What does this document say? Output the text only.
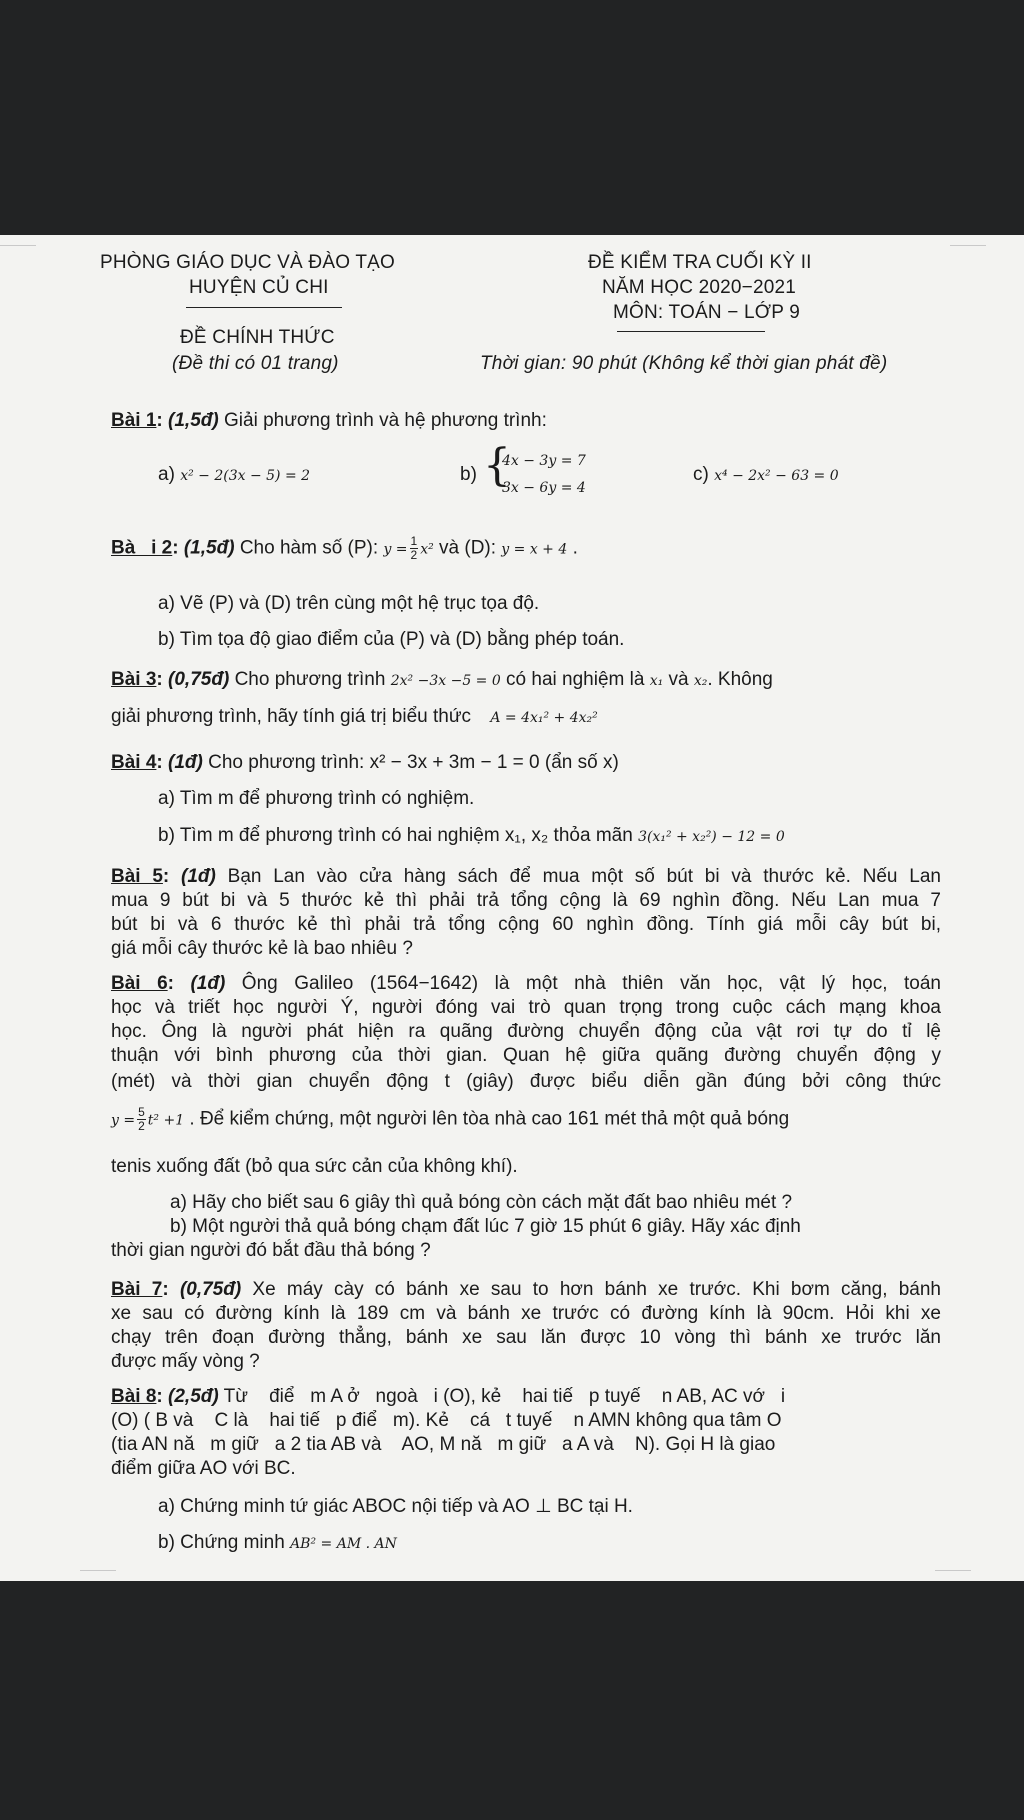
PHÒNG GIÁO DỤC VÀ ĐÀO TẠO
HUYỆN CỦ CHI
ĐỀ CHÍNH THỨC
(Đề thi có 01 trang)
ĐỀ KIỂM TRA CUỐI KỲ II
NĂM HỌC 2020−2021
MÔN: TOÁN − LỚP 9
Thời gian: 90 phút (Không kể thời gian phát đề)
Bài 1: (1,5đ) Giải phương trình và hệ phương trình:
a) x² − 2(3x − 5) = 2	b) {
4x − 3y = 7
3x − 6y = 4
c) x⁴ − 2x² − 63 = 0
Bà   i 2: (1,5đ) Cho hàm số (P): $y = \frac{1}{2} x^2$ và (D): y = x + 4 .
a) Vẽ (P) và (D) trên cùng một hệ trục tọa độ.
b) Tìm tọa độ giao điểm của (P) và (D) bằng phép toán.
Bài 3: (0,75đ) Cho phương trình 2x² −3x −5 = 0 có hai nghiệm là x₁ và x₂. Không
giải phương trình, hãy tính giá trị biểu thức A = 4x₁² + 4x₂²
Bài 4: (1đ) Cho phương trình: x² − 3x + 3m − 1 = 0 (ẩn số x)
a) Tìm m để phương trình có nghiệm.
b) Tìm m để phương trình có hai nghiệm x₁, x₂ thỏa mãn 3(x₁² + x₂²) − 12 = 0
Bài 5: (1đ) Bạn Lan vào cửa hàng sách để mua một số bút bi và thước kẻ. Nếu Lan
mua 9 bút bi và 5 thước kẻ thì phải trả tổng cộng là 69 nghìn đồng. Nếu Lan mua 7
bút bi và 6 thước kẻ thì phải trả tổng cộng 60 nghìn đồng. Tính giá mỗi cây bút bi,
giá mỗi cây thước kẻ là bao nhiêu ?
Bài 6: (1đ) Ông Galileo (1564−1642) là một nhà thiên văn học, vật lý học, toán
học và triết học người Ý, người đóng vai trò quan trọng trong cuộc cách mạng khoa
học. Ông là người phát hiện ra quãng đường chuyển động của vật rơi tự do tỉ lệ
thuận với bình phương của thời gian. Quan hệ giữa quãng đường chuyển động y
(mét) và thời gian chuyển động t (giây) được biểu diễn gần đúng bởi công thức
$y = \frac{5}{2} t^2 +1$ . Để kiểm chứng, một người lên tòa nhà cao 161 mét thả một quả bóng
tenis xuống đất (bỏ qua sức cản của không khí).
a) Hãy cho biết sau 6 giây thì quả bóng còn cách mặt đất bao nhiêu mét ?
b) Một người thả quả bóng chạm đất lúc 7 giờ 15 phút 6 giây. Hãy xác định
thời gian người đó bắt đầu thả bóng ?
Bài 7: (0,75đ) Xe máy cày có bánh xe sau to hơn bánh xe trước. Khi bơm căng, bánh
xe sau có đường kính là 189 cm và bánh xe trước có đường kính là 90cm. Hỏi khi xe
chạy trên đoạn đường thẳng, bánh xe sau lăn được 10 vòng thì bánh xe trước lăn
được mấy vòng ?
Bài 8: (2,5đ) Từ    điể   m A ở   ngoà   i (O), kẻ    hai tiế   p tuyế    n AB, AC vớ   i
(O) ( B và    C là    hai tiế   p điể   m). Kẻ    cá   t tuyế    n AMN không qua tâm O
(tia AN nă   m giữ   a 2 tia AB và    AO, M nă   m giữ   a A và    N). Gọi H là giao
điểm giữa AO với BC.
a) Chứng minh tứ giác ABOC nội tiếp và AO ⊥ BC tại H.
b) Chứng minh AB² = AM . AN
